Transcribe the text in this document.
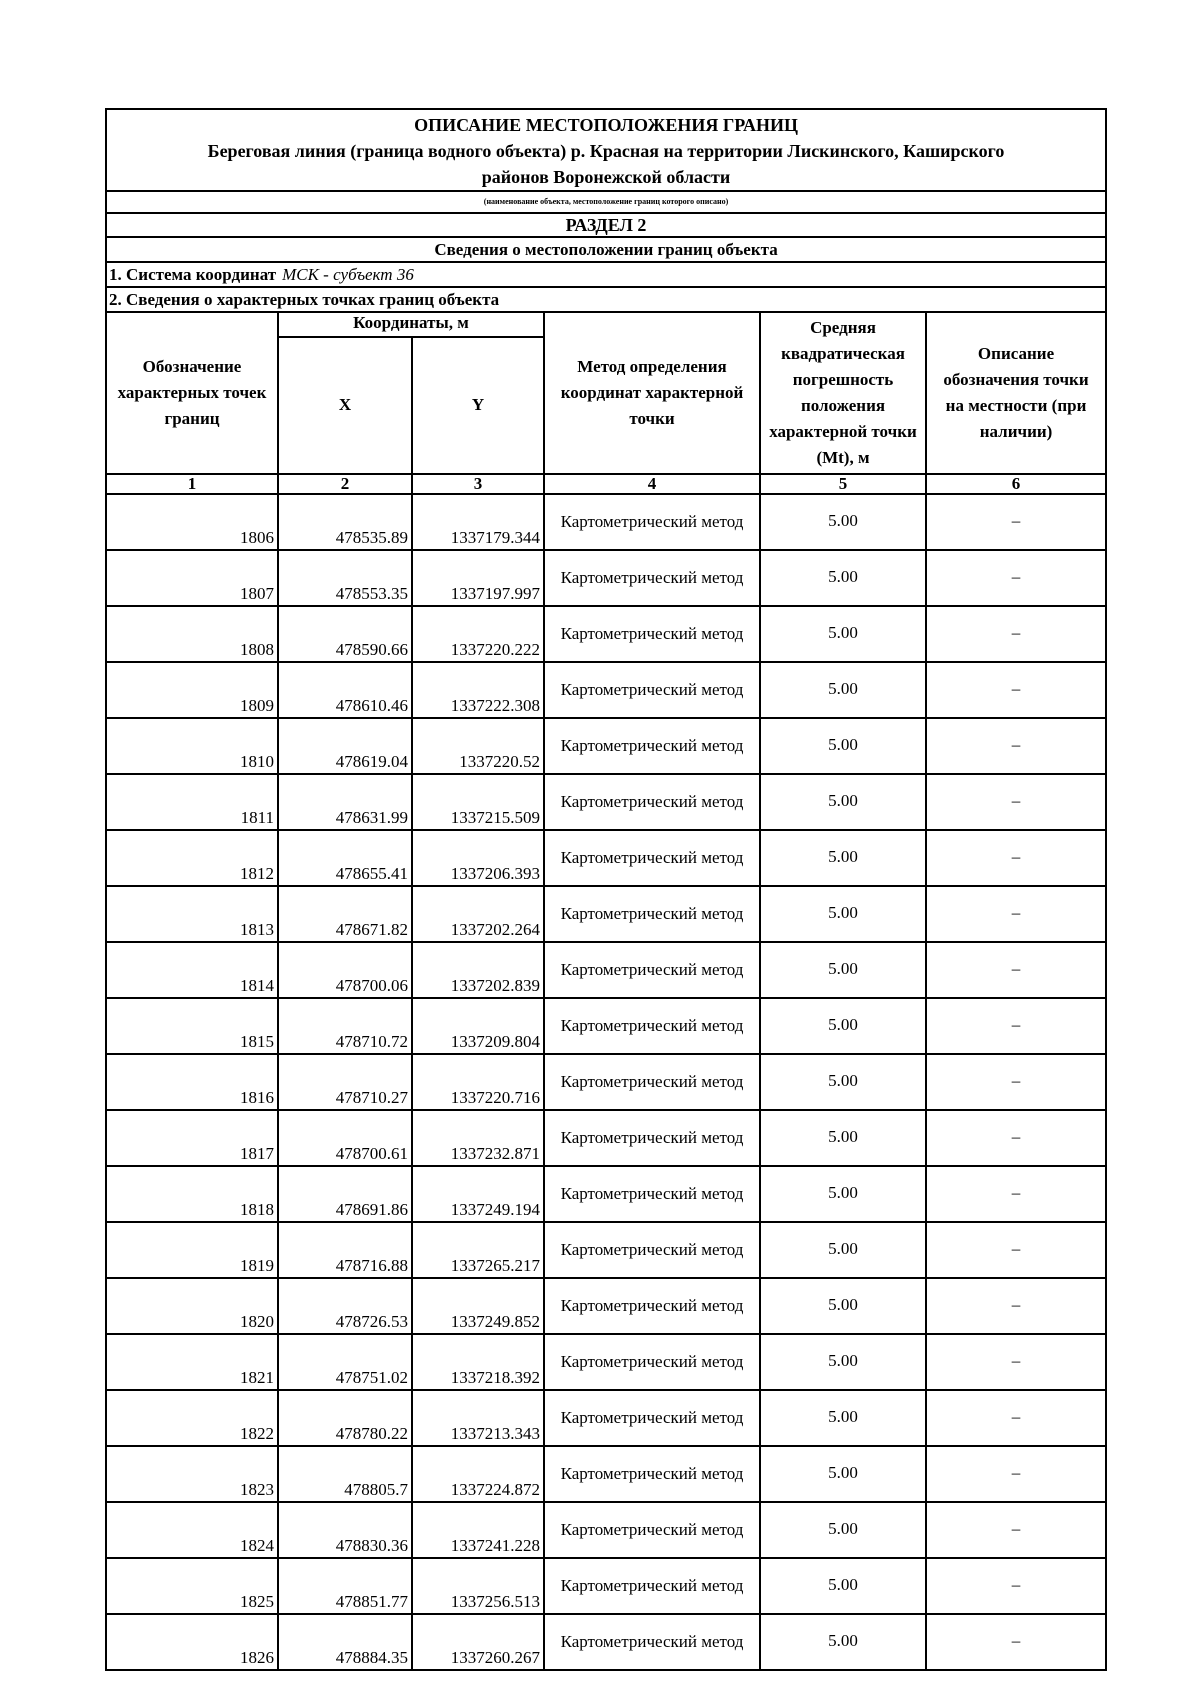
ОПИСАНИЕ МЕСТОПОЛОЖЕНИЯ ГРАНИЦ
Береговая линия (граница водного объекта) р. Красная на территории Лискинского, Каширского
районов Воронежской области					

(наименование объекта, местоположение границ которого описано)					
РАЗДЕЛ 2					
Сведения о местоположении границ объекта					
1. Система координат МСК - субъект 36					
2. Сведения о характерных точках границ объекта					
Обозначение характерных точек границ	Координаты, м		Метод определения координат характерной точки	Средняя квадратическая погрешность положения характерной точки (Mt), м	Описание обозначения точки на местности (при наличии)
	X	Y			
1	2	3	4	5	6
1806	478535.89	1337179.344	Картометрический метод	5.00	–
1807	478553.35	1337197.997	Картометрический метод	5.00	–
1808	478590.66	1337220.222	Картометрический метод	5.00	–
1809	478610.46	1337222.308	Картометрический метод	5.00	–
1810	478619.04	1337220.52	Картометрический метод	5.00	–
1811	478631.99	1337215.509	Картометрический метод	5.00	–
1812	478655.41	1337206.393	Картометрический метод	5.00	–
1813	478671.82	1337202.264	Картометрический метод	5.00	–
1814	478700.06	1337202.839	Картометрический метод	5.00	–
1815	478710.72	1337209.804	Картометрический метод	5.00	–
1816	478710.27	1337220.716	Картометрический метод	5.00	–
1817	478700.61	1337232.871	Картометрический метод	5.00	–
1818	478691.86	1337249.194	Картометрический метод	5.00	–
1819	478716.88	1337265.217	Картометрический метод	5.00	–
1820	478726.53	1337249.852	Картометрический метод	5.00	–
1821	478751.02	1337218.392	Картометрический метод	5.00	–
1822	478780.22	1337213.343	Картометрический метод	5.00	–
1823	478805.7	1337224.872	Картометрический метод	5.00	–
1824	478830.36	1337241.228	Картометрический метод	5.00	–
1825	478851.77	1337256.513	Картометрический метод	5.00	–
1826	478884.35	1337260.267	Картометрический метод	5.00	–
